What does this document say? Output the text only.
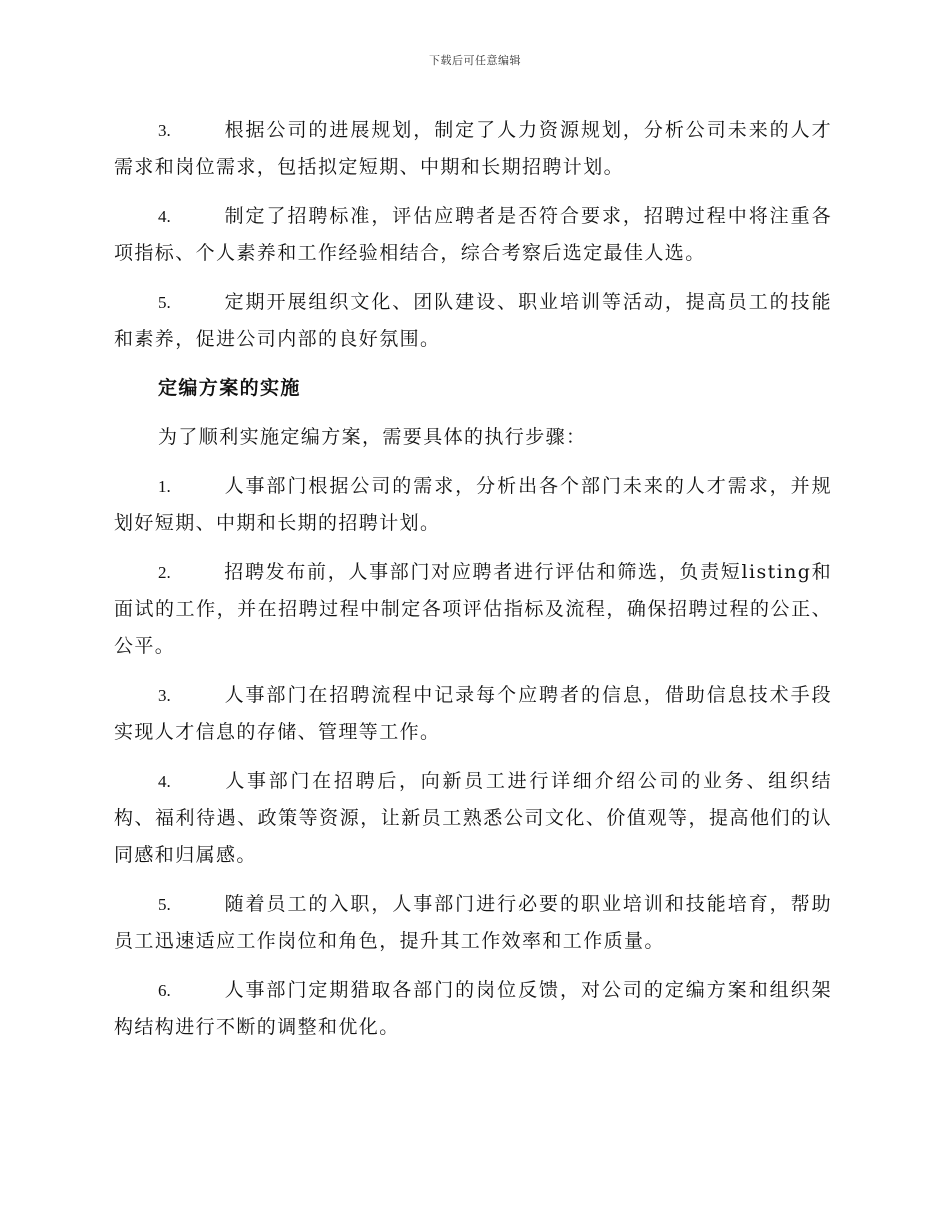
下载后可任意编辑

3.	根据公司的进展规划，制定了人力资源规划，分析公司未来的人才需求和岗位需求，包括拟定短期、中期和长期招聘计划。

4.	制定了招聘标准，评估应聘者是否符合要求，招聘过程中将注重各项指标、个人素养和工作经验相结合，综合考察后选定最佳人选。

5.	定期开展组织文化、团队建设、职业培训等活动，提高员工的技能和素养，促进公司内部的良好氛围。

定编方案的实施

为了顺利实施定编方案，需要具体的执行步骤：

1.	人事部门根据公司的需求，分析出各个部门未来的人才需求，并规划好短期、中期和长期的招聘计划。

2.	招聘发布前，人事部门对应聘者进行评估和筛选，负责短listing和面试的工作，并在招聘过程中制定各项评估指标及流程，确保招聘过程的公正、公平。

3.	人事部门在招聘流程中记录每个应聘者的信息，借助信息技术手段实现人才信息的存储、管理等工作。

4.	人事部门在招聘后，向新员工进行详细介绍公司的业务、组织结构、福利待遇、政策等资源，让新员工熟悉公司文化、价值观等，提高他们的认同感和归属感。

5.	随着员工的入职，人事部门进行必要的职业培训和技能培育，帮助员工迅速适应工作岗位和角色，提升其工作效率和工作质量。

6.	人事部门定期猎取各部门的岗位反馈，对公司的定编方案和组织架构结构进行不断的调整和优化。
